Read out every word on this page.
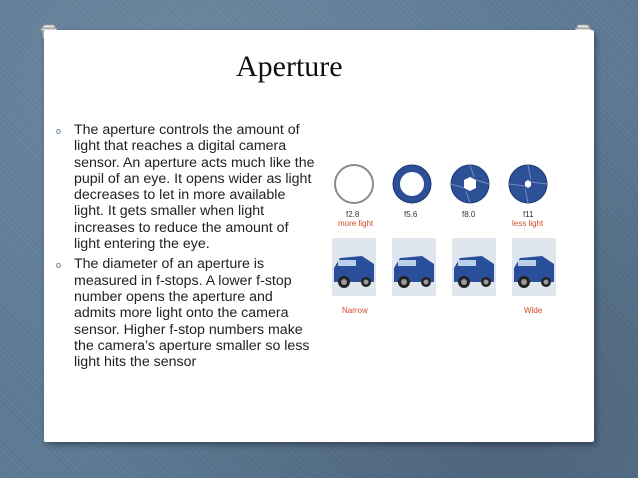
Aperture
o The aperture controls the amount of light that reaches a digital camera sensor. An aperture acts much like the pupil of an eye. It opens wider as light decreases to let in more available light. It gets smaller when light increases to reduce the amount of light entering the eye.
o The diameter of an aperture is measured in f-stops. A lower f-stop number opens the aperture and admits more light onto the camera sensor. Higher f-stop numbers make the camera’s aperture smaller so less light hits the sensor
f2.8
more light
f5.6	f8.0	f11
less light
Narrow	Wide
